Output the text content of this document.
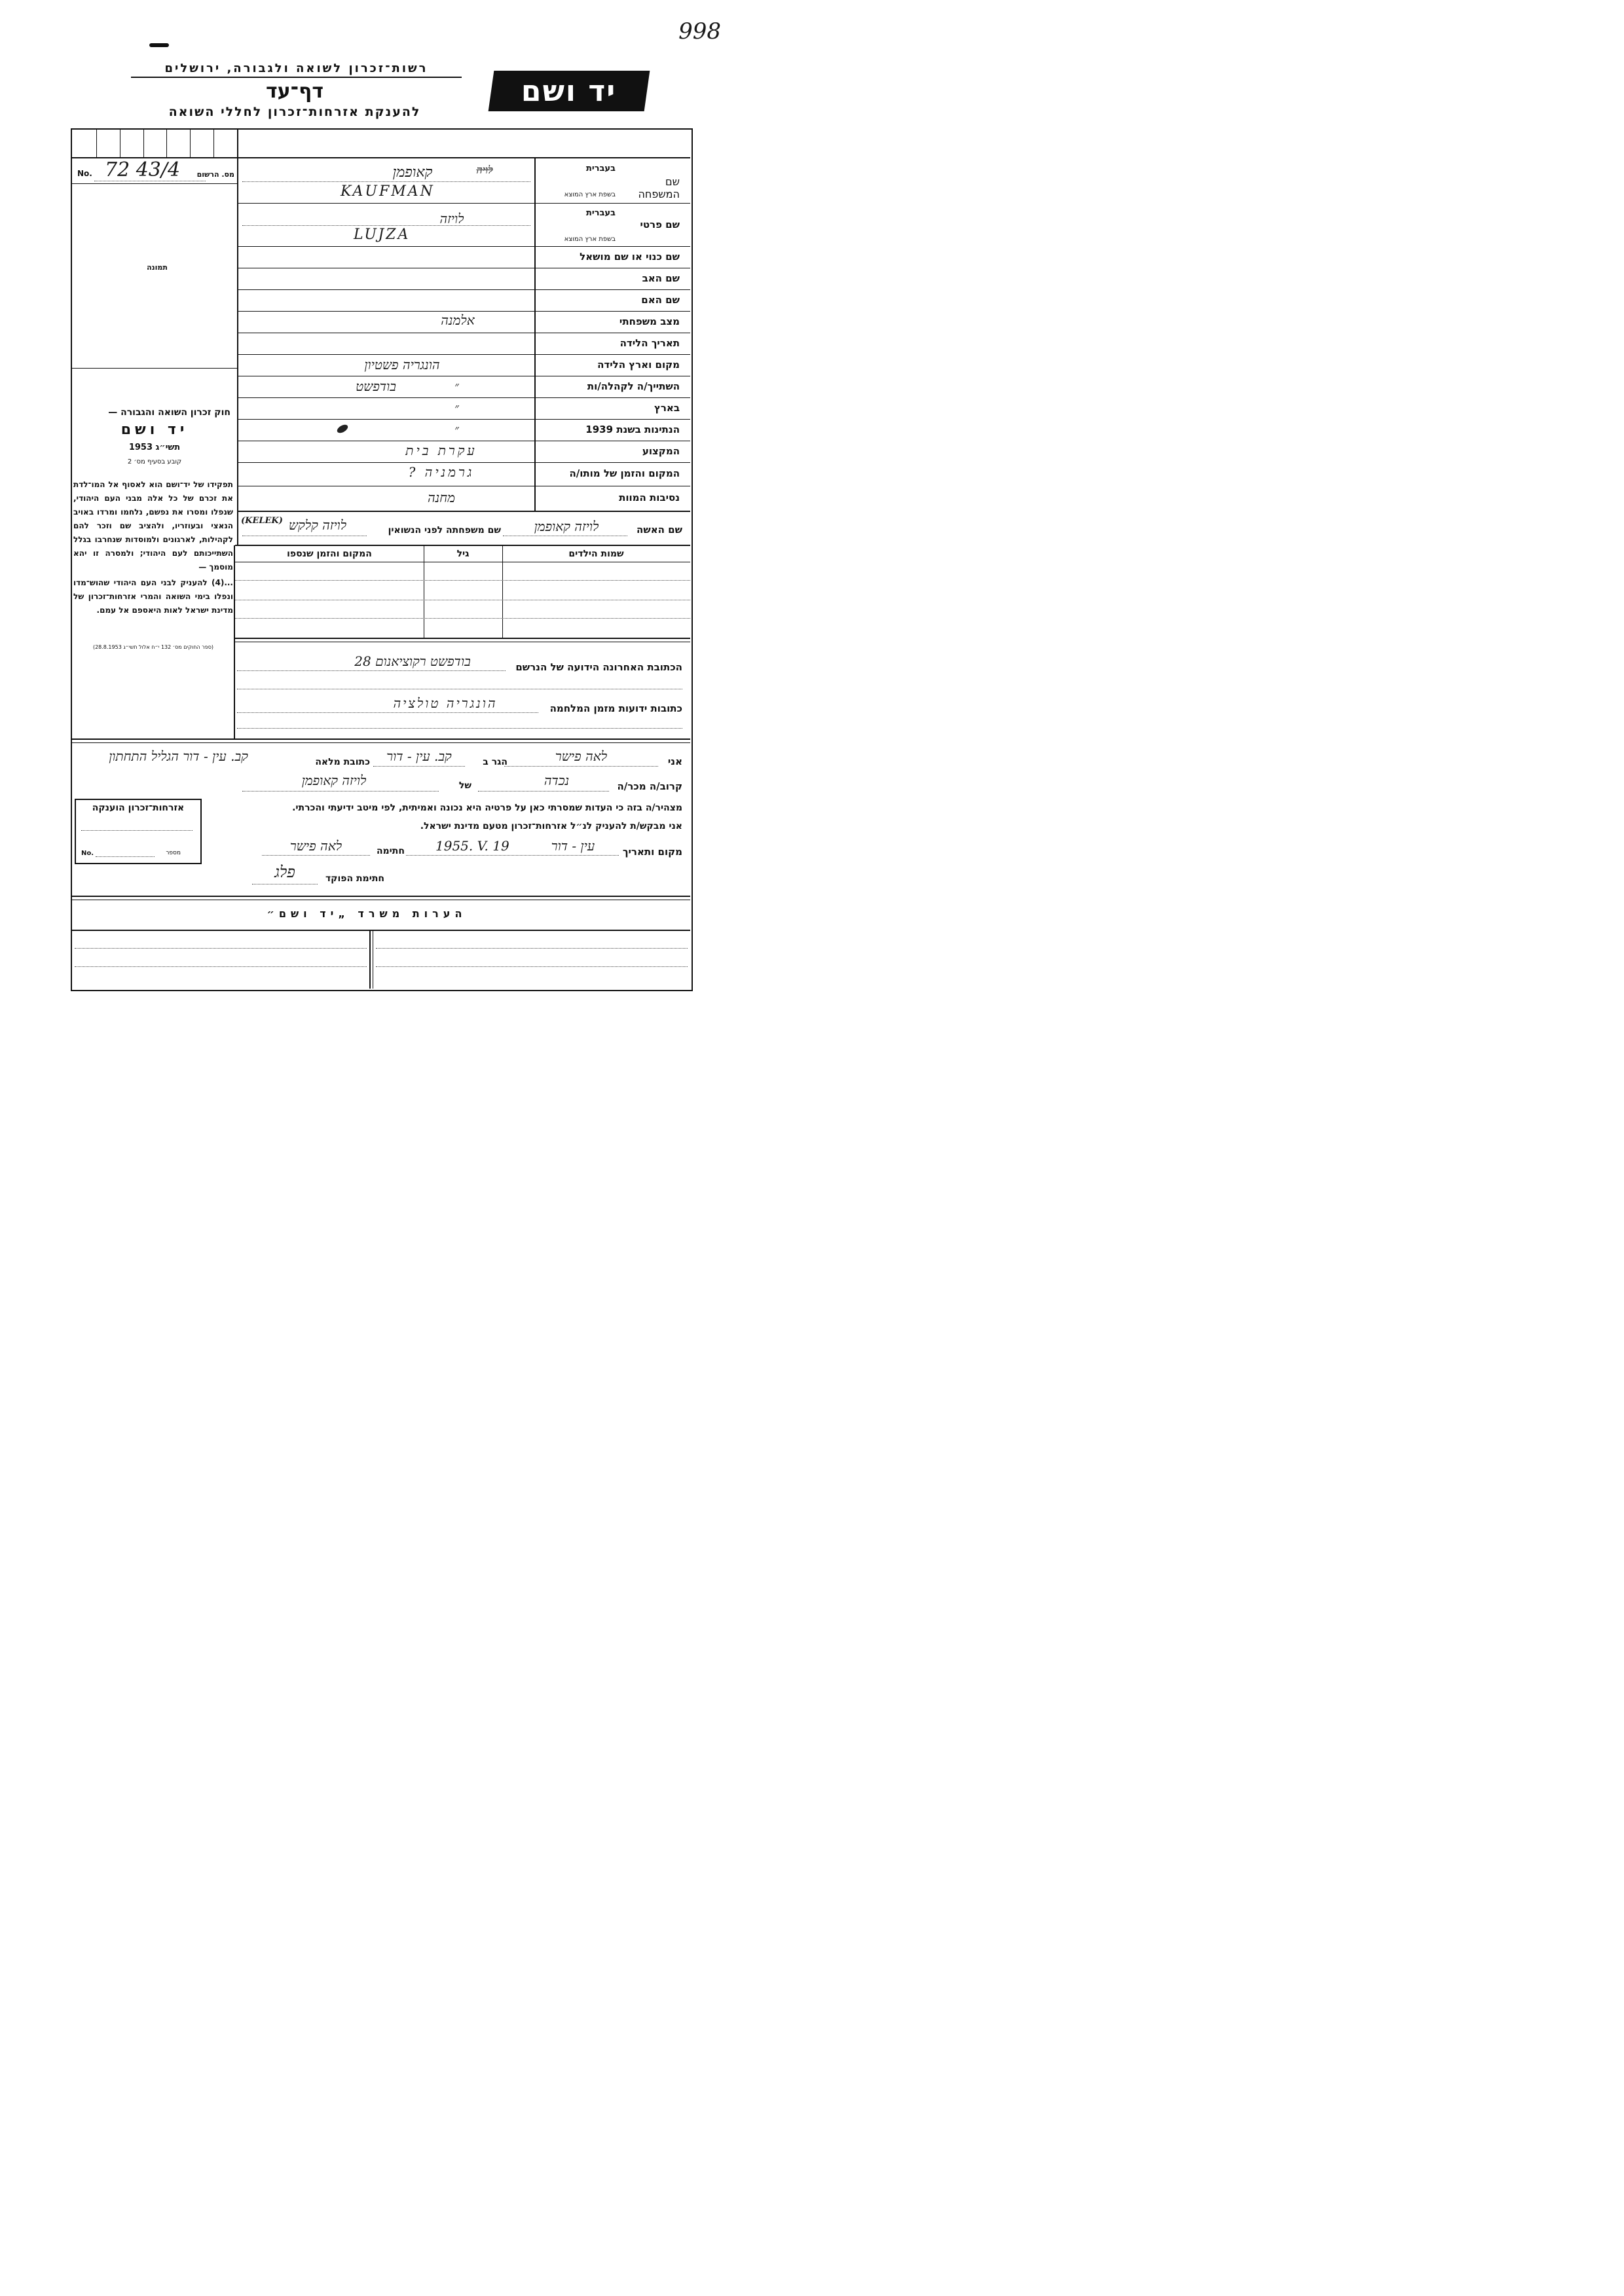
998
רשות־זכרון לשואה ולגבורה, ירושלים
דף־עד
להענקת אזרחות־זכרון לחללי השואה
יד ושם
No. 72 43/4 מס. הרשום
תמונה
חוק זכרון השואה והגבורה —
יד ושם
תשי״ג 1953
קובע בסעיף מס׳ 2
תפקידו של יד־ושם הוא לאסוף אל המו־לדת את זכרם של כל אלה מבני העם היהודי, שנפלו ומסרו את נפשם, נלחמו ומרדו באויב הנאצי ובעוזריו, ולהציב שם וזכר להם לקהילות, לארגונים ולמוסדות שנחרבו בגלל השתייכותם לעם היהודי; ולמסרה זו יהא מוסמך —
...(4) להעניק לבני העם היהודי שהוש־מדו ונפלו בימי השואה והמרי אזרחות־זכרון של מדינת ישראל לאות היאספם אל עמם.
(ספר החוקים מס׳ 132 י״ח אלול תשי״ג 28.8.1953)
שם המשפחה
בעברית
בשפת ארץ המוצא
קאופמן	לויה
KAUFMAN
בעברית
שם פרטי
בשפת ארץ המוצא
לויזה
LUJZA
שם כנוי או שם מושאל
שם האב
שם האם
מצב משפחתי
אלמנה
תאריך הלידה
מקום וארץ הלידה
הונגריה פשטיון
השתייך/ה לקהלה/ות
בודפשט	״
בארץ
״
הנתינות בשנת 1939
״
המקצוע
עקרת בית
המקום והזמן של מותו/ה
גרמניה ?
נסיבות המוות
מחנה
שם האשה
לויזה קאופמן
שם משפחתה לפני הנשואין
לויזה קלקש
(KELEK)
שמות הילדים
גיל
המקום והזמן שנספו
הכתובת האחרונה הידועה של הנרשם
בודפשט רקוציאנום 28
כתובות ידועות מזמן המלחמה
הונגריה טולציה
אני
לאה פישר
הגר ב
קב. עין - דור
כתובת מלאה
קב. עין - דור הגליל התחתון
קרוב/ה מכר/ה
נכדה
של
לויזה קאופמן
מצהיר/ה בזה כי העדות שמסרתי כאן על פרטיה היא נכונה ואמיתית, לפי מיטב ידיעתי והכרתי.
אני מבקש/ת להעניק לנ״ל אזרחות־זכרון מטעם מדינת ישראל.
מקום ותאריך
עין - דור
1955. V. 19
חתימה
לאה פישר
חתימת הפוקד
פלג
אזרחות־זכרון הוענקה
No.	מספר
הערות משרד „יד ושם״
